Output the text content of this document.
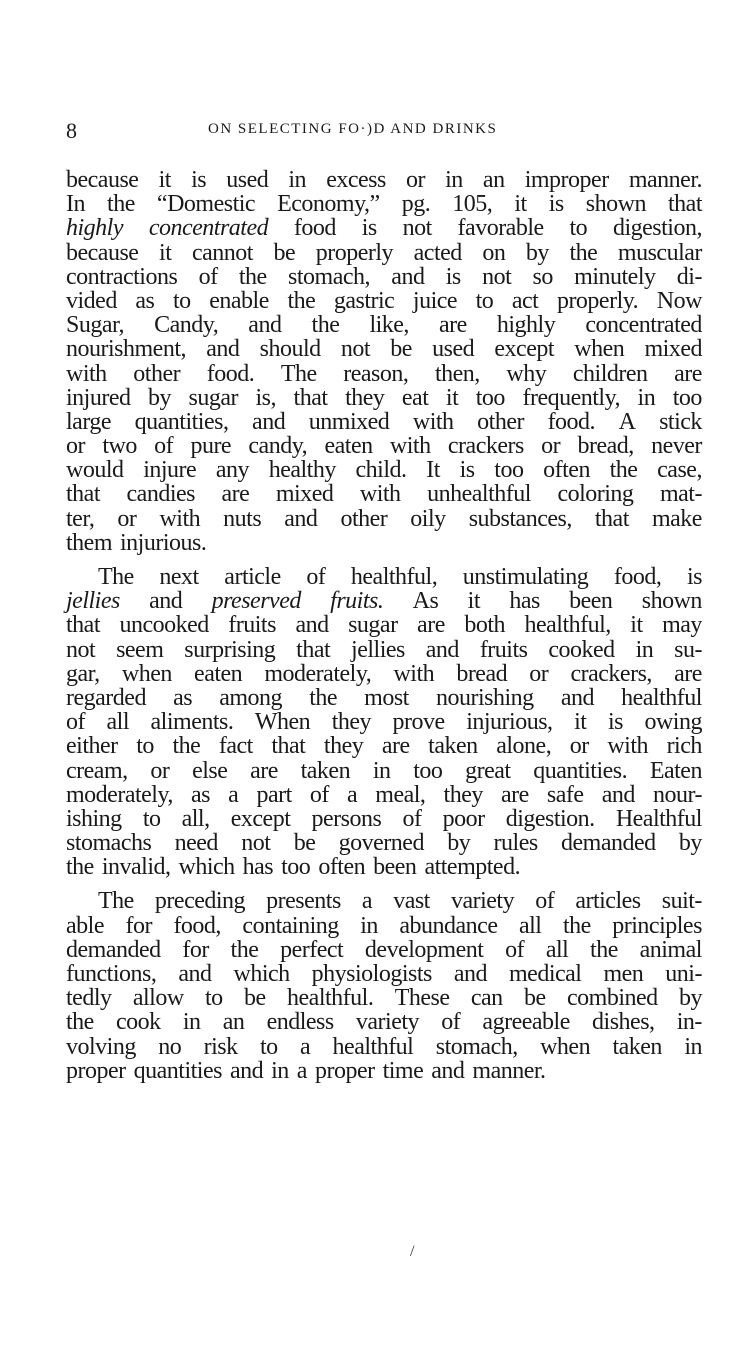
8	ON SELECTING FO·)D AND DRINKS
because it is used in excess or in an improper manner.
In the “Domestic Economy,” pg. 105, it is shown that
highly concentrated food is not favorable to digestion,
because it cannot be properly acted on by the muscular
contractions of the stomach, and is not so minutely di-
vided as to enable the gastric juice to act properly. Now
Sugar, Candy, and the like, are highly concentrated
nourishment, and should not be used except when mixed
with other food. The reason, then, why children are
injured by sugar is, that they eat it too frequently, in too
large quantities, and unmixed with other food. A stick
or two of pure candy, eaten with crackers or bread, never
would injure any healthy child. It is too often the case,
that candies are mixed with unhealthful coloring mat-
ter, or with nuts and other oily substances, that make
them injurious.
The next article of healthful, unstimulating food, is
jellies and preserved fruits. As it has been shown
that uncooked fruits and sugar are both healthful, it may
not seem surprising that jellies and fruits cooked in su-
gar, when eaten moderately, with bread or crackers, are
regarded as among the most nourishing and healthful
of all aliments. When they prove injurious, it is owing
either to the fact that they are taken alone, or with rich
cream, or else are taken in too great quantities. Eaten
moderately, as a part of a meal, they are safe and nour-
ishing to all, except persons of poor digestion. Healthful
stomachs need not be governed by rules demanded by
the invalid, which has too often been attempted.
The preceding presents a vast variety of articles suit-
able for food, containing in abundance all the principles
demanded for the perfect development of all the animal
functions, and which physiologists and medical men uni-
tedly allow to be healthful. These can be combined by
the cook in an endless variety of agreeable dishes, in-
volving no risk to a healthful stomach, when taken in
proper quantities and in a proper time and manner.
/
